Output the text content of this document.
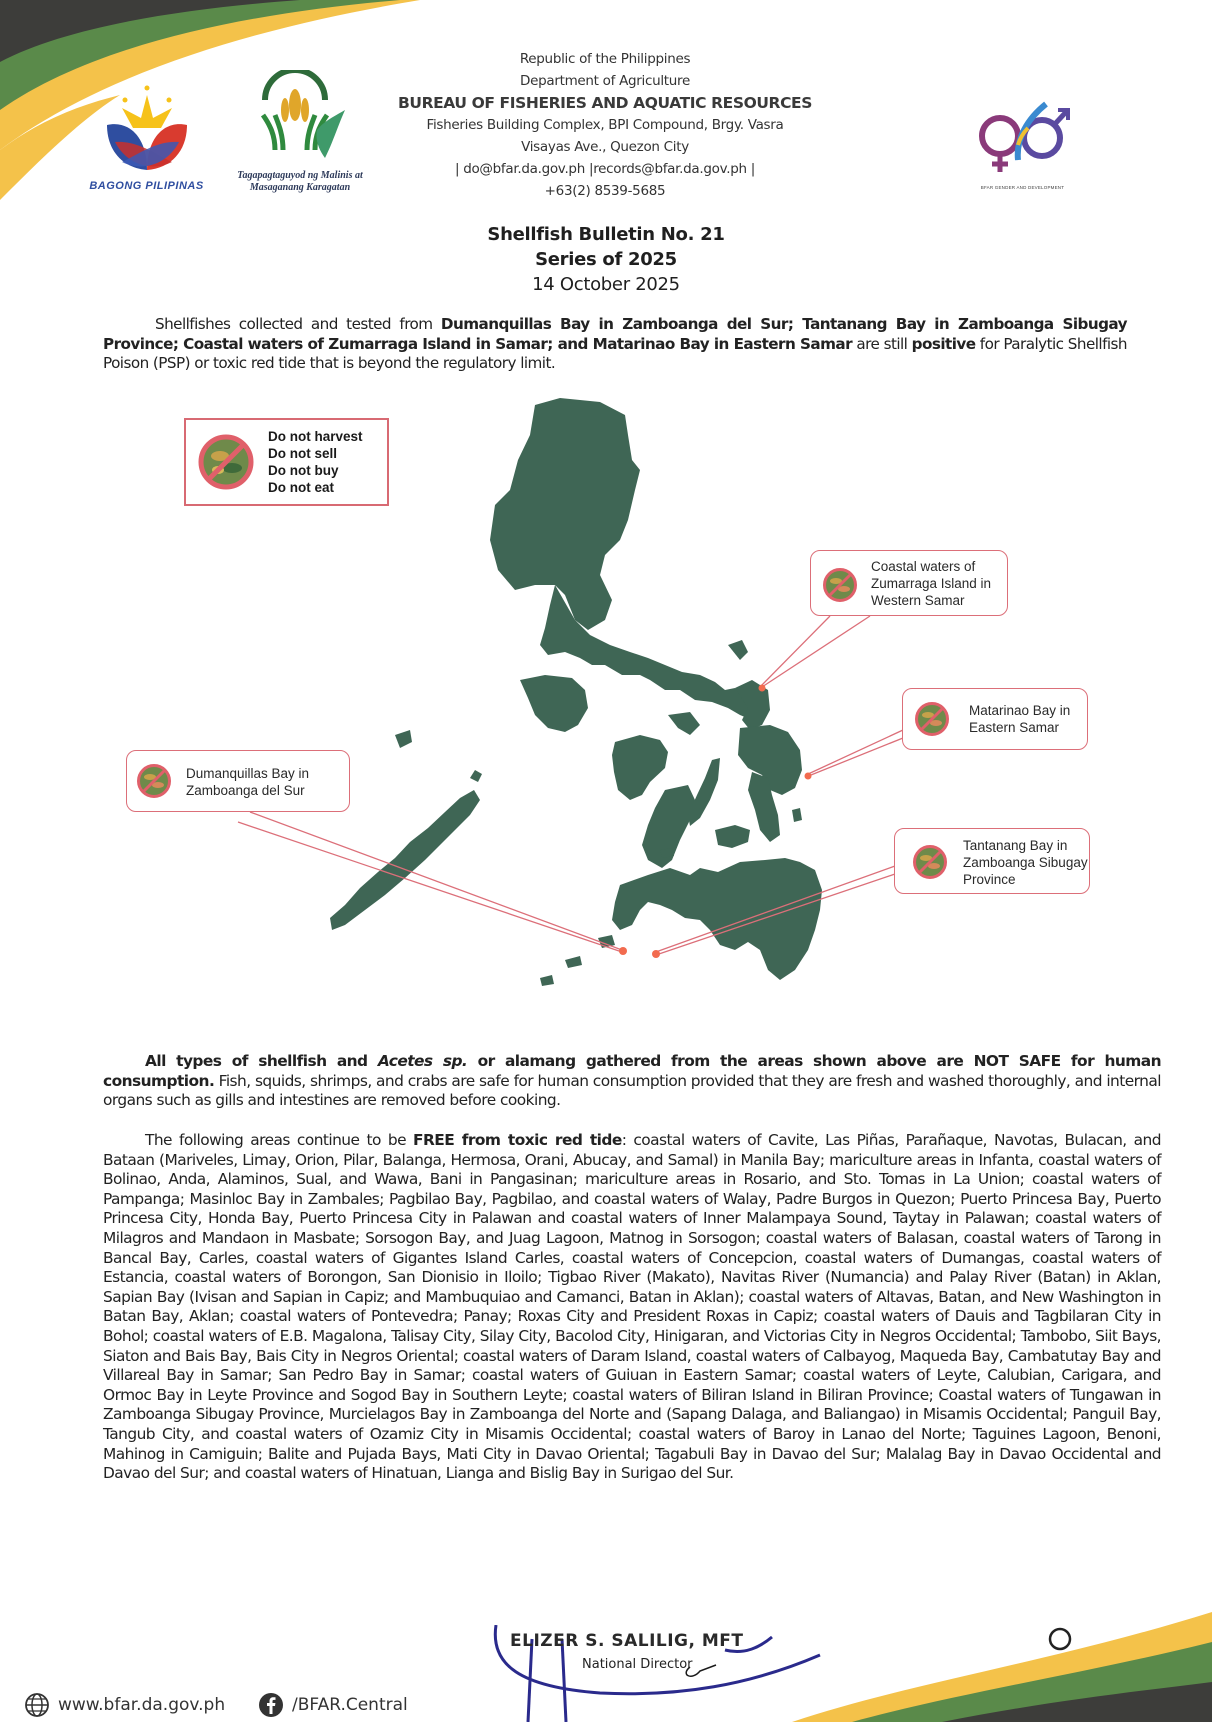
BAGONG PILIPINAS
Tagapagtaguyod ng Malinis at
Masaganang Karagatan
Republic of the Philippines
Department of Agriculture
BUREAU OF FISHERIES AND AQUATIC RESOURCES
Fisheries Building Complex, BPI Compound, Brgy. Vasra
Visayas Ave., Quezon City
| do@bfar.da.gov.ph |records@bfar.da.gov.ph |
+63(2) 8539-5685	BFAR GENDER AND DEVELOPMENT
Shellfish Bulletin No. 21
Series of 2025
14 October 2025

Shellfishes collected and tested from Dumanquillas Bay in Zamboanga del Sur; Tantanang Bay in Zamboanga Sibugay Province; Coastal waters of Zumarraga Island in Samar; and Matarinao Bay in Eastern Samar are still positive for Paralytic Shellfish Poison (PSP) or toxic red tide that is beyond the regulatory limit.

Do not harvest
Do not sell
Do not buy
Do not eat
Coastal waters of
Zumarraga Island in
Western Samar
Matarinao Bay in
Eastern Samar
Dumanquillas Bay in
Zamboanga del Sur
Tantanang Bay in
Zamboanga Sibugay
Province

All types of shellfish and Acetes sp. or alamang gathered from the areas shown above are NOT SAFE for human consumption. Fish, squids, shrimps, and crabs are safe for human consumption provided that they are fresh and washed thoroughly, and internal organs such as gills and intestines are removed before cooking.

The following areas continue to be FREE from toxic red tide: coastal waters of Cavite, Las Piñas, Parañaque, Navotas, Bulacan, and Bataan (Mariveles, Limay, Orion, Pilar, Balanga, Hermosa, Orani, Abucay, and Samal) in Manila Bay; mariculture areas in Infanta, coastal waters of Bolinao, Anda, Alaminos, Sual, and Wawa, Bani in Pangasinan; mariculture areas in Rosario, and Sto. Tomas in La Union; coastal waters of Pampanga; Masinloc Bay in Zambales; Pagbilao Bay, Pagbilao, and coastal waters of Walay, Padre Burgos in Quezon; Puerto Princesa Bay, Puerto Princesa City, Honda Bay, Puerto Princesa City in Palawan and coastal waters of Inner Malampaya Sound, Taytay in Palawan; coastal waters of Milagros and Mandaon in Masbate; Sorsogon Bay, and Juag Lagoon, Matnog in Sorsogon; coastal waters of Balasan, coastal waters of Tarong in Bancal Bay, Carles, coastal waters of Gigantes Island Carles, coastal waters of Concepcion, coastal waters of Dumangas, coastal waters of Estancia, coastal waters of Borongon, San Dionisio in Iloilo; Tigbao River (Makato), Navitas River (Numancia) and Palay River (Batan) in Aklan, Sapian Bay (Ivisan and Sapian in Capiz; and Mambuquiao and Camanci, Batan in Aklan); coastal waters of Altavas, Batan, and New Washington in Batan Bay, Aklan; coastal waters of Pontevedra; Panay; Roxas City and President Roxas in Capiz; coastal waters of Dauis and Tagbilaran City in Bohol; coastal waters of E.B. Magalona, Talisay City, Silay City, Bacolod City, Hinigaran, and Victorias City in Negros Occidental; Tambobo, Siit Bays, Siaton and Bais Bay, Bais City in Negros Oriental; coastal waters of Daram Island, coastal waters of Calbayog, Maqueda Bay, Cambatutay Bay and Villareal Bay in Samar; San Pedro Bay in Samar; coastal waters of Guiuan in Eastern Samar; coastal waters of Leyte, Calubian, Carigara, and Ormoc Bay in Leyte Province and Sogod Bay in Southern Leyte; coastal waters of Biliran Island in Biliran Province; Coastal waters of Tungawan in Zamboanga Sibugay Province, Murcielagos Bay in Zamboanga del Norte and (Sapang Dalaga, and Baliangao) in Misamis Occidental; Panguil Bay, Tangub City, and coastal waters of Ozamiz City in Misamis Occidental; coastal waters of Baroy in Lanao del Norte; Taguines Lagoon, Benoni, Mahinog in Camiguin; Balite and Pujada Bays, Mati City in Davao Oriental; Tagabuli Bay in Davao del Sur; Malalag Bay in Davao Occidental and Davao del Sur; and coastal waters of Hinatuan, Lianga and Bislig Bay in Surigao del Sur.

ELIZER S. SALILIG, MFT
National Director
www.bfar.da.gov.ph	/BFAR.Central
